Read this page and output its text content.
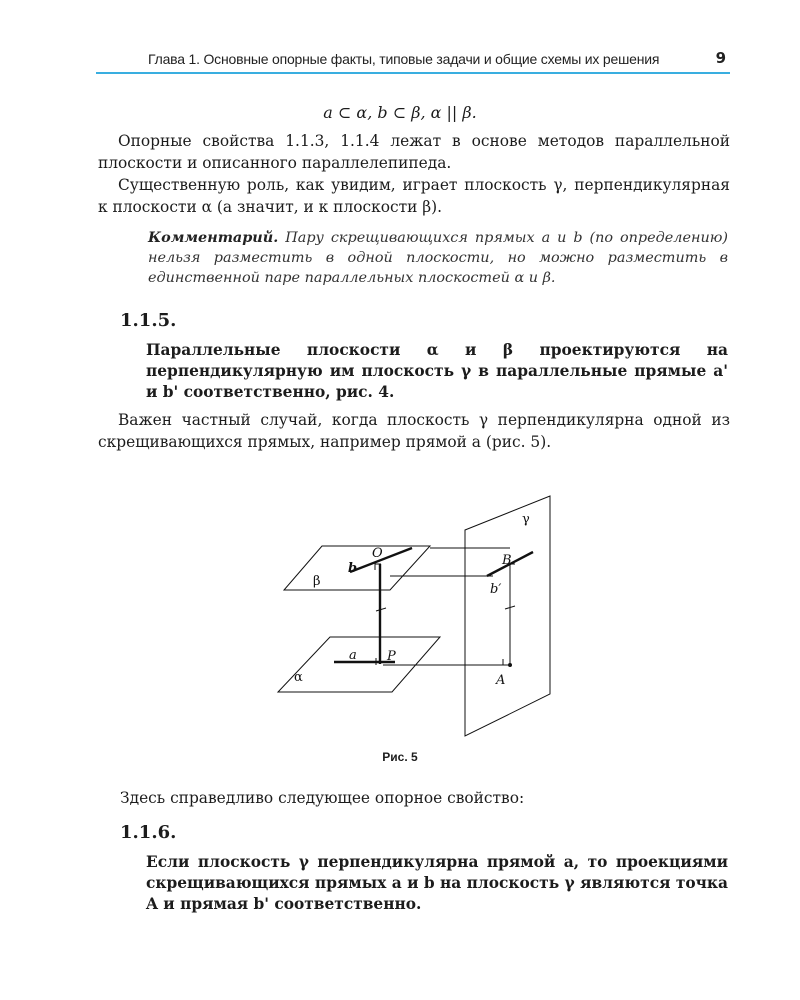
Глава 1. Основные опорные факты, типовые задачи и общие схемы их решения	9
a ⊂ α, b ⊂ β, α || β.
Опорные свойства 1.1.3, 1.1.4 лежат в основе методов параллельной плоскости и описанного параллелепипеда.
Существенную роль, как увидим, играет плоскость γ, перпендикулярная к плоскости α (а значит, и к плоскости β).
Комментарий. Пару скрещивающихся прямых a и b (по определению) нельзя разместить в одной плоскости, но можно разместить в единственной паре параллельных плоскостей α и β.
1.1.5.
Параллельные плоскости α и β проектируются на перпендикулярную им плоскость γ в параллельные прямые a' и b' соответственно, рис. 4.
Важен частный случай, когда плоскость γ перпендикулярна одной из скрещивающихся прямых, например прямой a (рис. 5).
γ
β
α
O	B
b
b′
a P
A
Рис. 5
Здесь справедливо следующее опорное свойство:
1.1.6.
Если плоскость γ перпендикулярна прямой a, то проекциями скрещивающихся прямых a и b на плоскость γ являются точка A и прямая b' соответственно.
